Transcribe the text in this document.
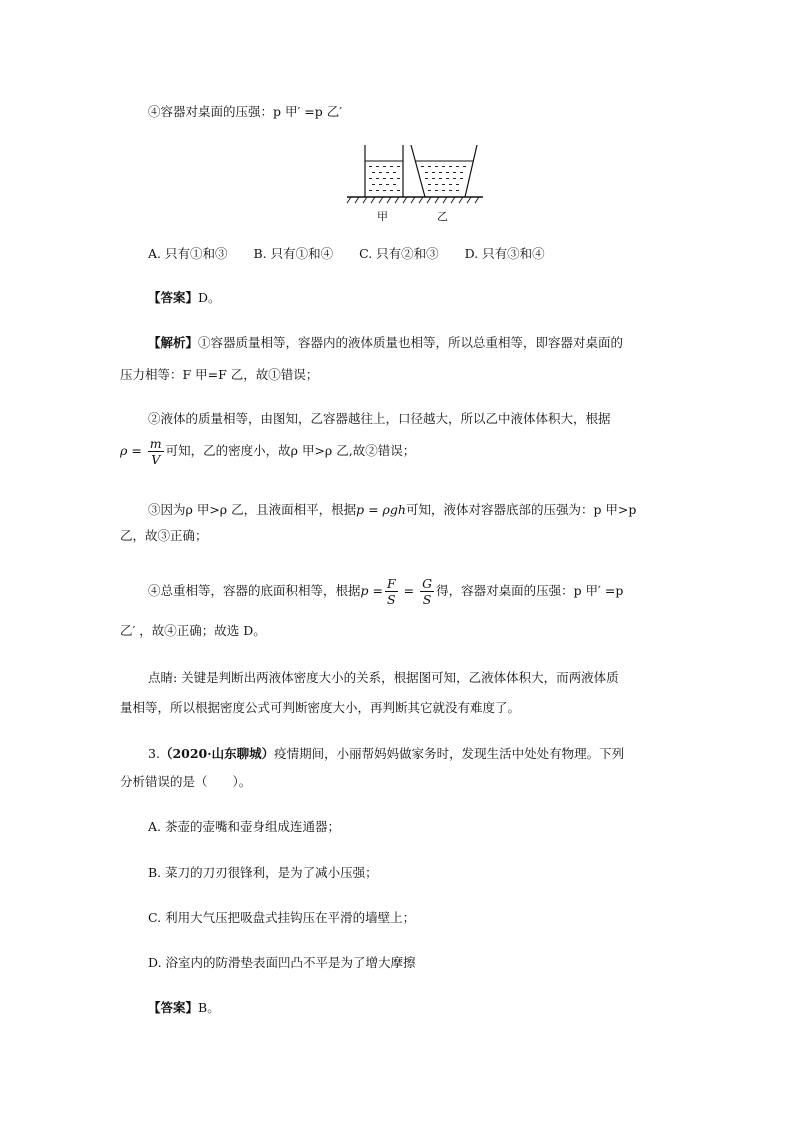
④容器对桌面的压强：p 甲′ =p 乙′
甲	乙
A. 只有①和③ B. 只有①和④ C. 只有②和③ D. 只有③和④
【答案】D。
【解析】①容器质量相等，容器内的液体质量也相等，所以总重相等，即容器对桌面的
压力相等：F 甲=F 乙，故①错误；
②液体的质量相等，由图知，乙容器越往上，口径越大，所以乙中液体体积大，根据
$\rho = \frac{m}{V}$ 可知，乙的密度小，故ρ 甲>ρ 乙,故②错误；
③因为ρ 甲>ρ 乙，且液面相平，根据p = ρgh可知，液体对容器底部的压强为：p 甲>p
乙，故③正确；
④总重相等，容器的底面积相等，根据$p = \frac{F}{S} = \frac{G}{S}$ 得，容器对桌面的压强：p 甲′ =p
乙′ ，故④正确；故选 D。
点睛: 关键是判断出两液体密度大小的关系，根据图可知，乙液体体积大，而两液体质
量相等，所以根据密度公式可判断密度大小，再判断其它就没有难度了。
3.（2020·山东聊城）疫情期间，小丽帮妈妈做家务时，发现生活中处处有物理。下列
分析错误的是（　　）。
A. 茶壶的壶嘴和壶身组成连通器；
B. 菜刀的刀刃很锋利，是为了减小压强；
C. 利用大气压把吸盘式挂钩压在平滑的墙壁上；
D. 浴室内的防滑垫表面凹凸不平是为了增大摩擦
【答案】B。
